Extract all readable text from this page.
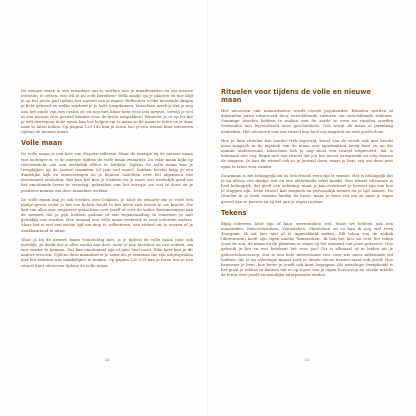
De nieuwe maan is een maanfase om te werken aan je manifestaties en om nieuwe intenties te zetten: wat wil je nu echt bereiken? Welk zaadje ga je planten en hoe blijf je op het juiste pad tijdens het wassen van je maan? Reflecteer welke missende dingen je hebt geleerd en welke wijsheid je je hebt toegekomen. Misschien merk je dat je nog aan het einde van een cyclus zit en nog niet klaar bent voor iets nieuws, terwijl je wel in een nieuwe fase gevoed kunnen voor de grote aanpakken? Wanneer je er op let dat je wilt instromen in de maan kan het helpen om te maan in de maan te laten en je daar naar te laten leiden. Op pagina 129-145 kun je lezen hoe je een ritueel kunt uitvoeren tijdens de nieuwe maan.

Volle maan

De volle maan is een fase van diepere reflectie. Waar de energie bij de nieuwe maan wat luchtiger is, is de energie tijdens de volle maan zwaarder. De volle maan kijkt op reisoverzicht van een werkelijk effect te hebben. Tijdens de volle maan kun je terugkijken op de laatste maanden (of jaar wel meer), hebben hierbij krijg je een duidelijke kijk en nuanceringen en je kunnen inzichten over het algemeen wat emotioneel uitsluiten. Bat kan het kun je loslaten en je moet wat werkelijk goed om het emotionele leven te ervaring, gebruiken van het energie om wat te doen en je positieve manier om deze maanfase werken.

De volle maan kun je ook werken over loslaten. Je kunt de zwaarte die je voelt een plekje geven zodat je het ren lichter hoofd in het leven zult lossen in uw kracht. Die kan van alles zijn: negatieve gedachten over jezelf of over de ander, herinneringen aan de mensen die je pijn hebben gedaan of een tegenstanding in waarmee je niet gelukkig van worden. Hoe iemand een volle maan verteerd, is voor iedereen anders. Maar het is wel een mooie tijd om diep te reflecteren, een ritueel uit te voeren of je dankbaarheid te uiten.

Waar je bij de nieuwe maan voorzichtig met, is je tijdens de volle maan juist ook moeilijk. Je denkt dat je alles rustig aan doet, want je kan hierdoor en ruzi nemen, om wer verder te kunnen. Dat kan emotioneel zijn of juist heel mooi. Elke keer kan je dit anders ervaren. Tijdens deze maanfase is je soms als je intenties die zijn uitgesproken met het loslaten was makkelijker te maken. Op pagina 220-235 kun je lezen hoe je een ritueel kunt uitvoeren tijdens de volle maan.

10
Rituelen voor tijdens de volle en nieuwe maan

Het uitvoeren van maanrituelen wordt steeds populairder. Rituelen worden al duizenden jaren uitgevoerd door verschillende culturen om verschillende redenen. Sommige rituelen hebben te maken met de aarde te eren en rituelen worden verbonden met bijvoorbeeld onze geschiedenis. Ook wordt de maan al jarenlang aanbeden. Het uitvoeren van een ritueel kan heel erg magisch en veel goeds doen.

Hoe je hem rituelen kan zonder trek ingevuld, kunst van de wordt ook met kracht mooi magisch in de mystiek van de maan met spiritualiteit bezig bent en op die manier ondersteund. Misschien heb je nog mooi een ritueel uitgevoerd, dat is helemaal niet erg. Begin met een ritueel dat jou het meest aanspreekt en volg daarna de stappen. Je kan dit ritueel ook in je journal doen, maar je bent vrij om deze juist open te laten voor ruimte.

Daarmaan is het belangrijk om na een ritueel even tijd te nemen. Het is belangrijk dat je na afloop een dankje wat en een afsluitende tekst maakt. Een ritueel uitvoeren is heel belangrijk, dat geeft een oefening, maar je kan eventueel je bewust zijn van hoe je stappen zijn. Deze ritueel kan magisch en persoonlijk nemen en je tijd nemen. De rituelen in je boek vormen hierbij de basis, maar je bent vrij om ze naar je eigen gevoel aan te passen en zij het aan je eigen routine.

Tekens

Bijna iedereen kent zijn of haar sterrenteken wel. Maar we hebben ook een maanteken, Mercuriusteken, Venusteken, Marsteken en zo kan ik nog wel even doorgaan. Ik zal hier niet al te ingewikkeld maken. Elk teken van de zodiak (dierenriem) heeft zijn eigen unieke 'kenmerken'. Ik heb het hier nu over het teken waar de zon, de maan en de planeten in staan op het moment van jouw geboorte. Hoe gebruik je het en wat betekent het voor jou? Dit is allemaal af te leiden uit je geboortehoroscoop. Dat is een hele interessante reis voor wie meer informatie wil hebben. Als je op astrologie ingaat zoek je diepte nieuw bewust maar ook jezelf. Hoe bewuster je bent, hoe beter je jezelf ook kunt begrijpen. Als astrologie bezighoudt is het goed je tekens te kennen om er op lopen van je eigen horoscoop en sterke inzicht de leren over jezelf en moeilijke interpretatie vinden.

11
